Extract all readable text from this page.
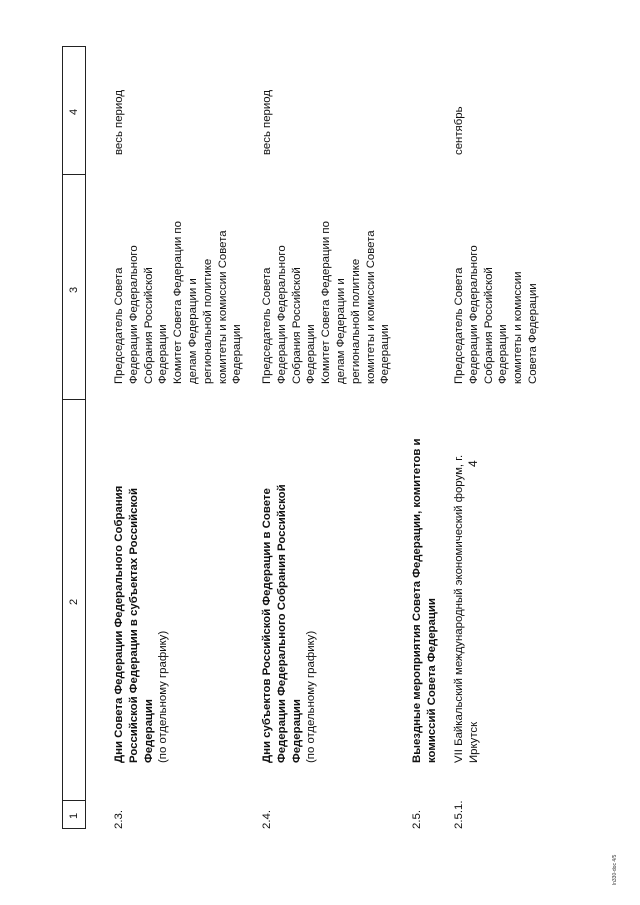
4
ln330-doc 4/5
1
2
3
4
2.3.
Дни Совета Федерации Федерального Собрания Российской Федерации в субъектах Российской Федерации (по отдельному графику)
Председатель Совета
Федерации Федерального
Собрания Российской
Федерации
Комитет Совета Федерации по
делам Федерации и
региональной политике
комитеты и комиссии Совета
Федерации
весь период
2.4.
Дни субъектов Российской Федерации в Совете Федерации Федерального Собрания Российской Федерации (по отдельному графику)
Председатель Совета
Федерации Федерального
Собрания Российской
Федерации
Комитет Совета Федерации по
делам Федерации и
региональной политике
комитеты и комиссии Совета
Федерации
весь период
2.5.
Выездные мероприятия Совета Федерации, комитетов и комиссий Совета Федерации
2.5.1.
VII Байкальский международный экономический форум, г. Иркутск
Председатель Совета
Федерации Федерального
Собрания Российской
Федерации
комитеты и комиссии
Совета Федерации
сентябрь
